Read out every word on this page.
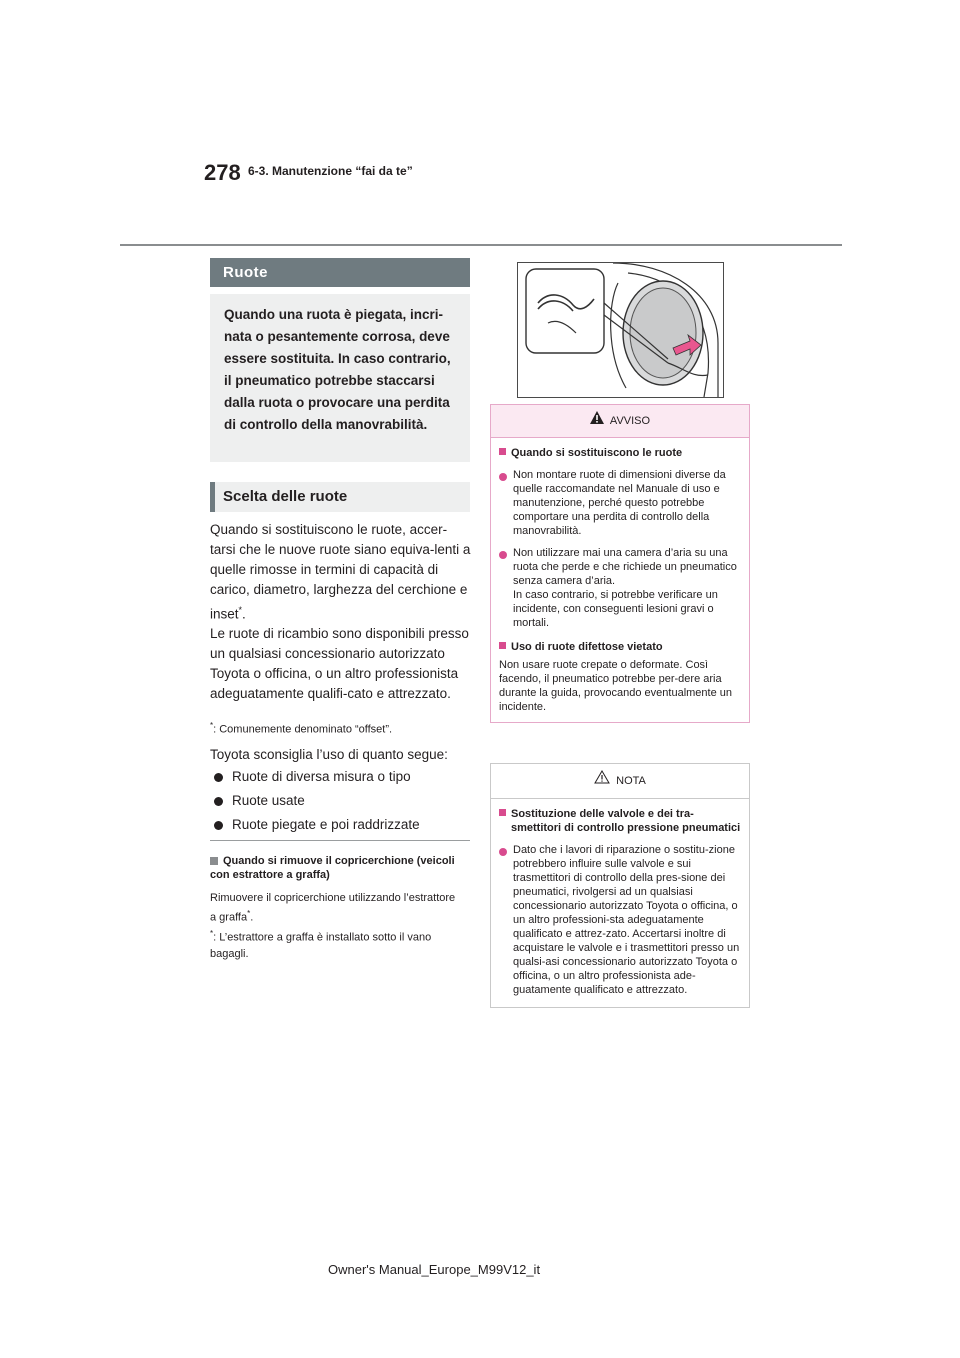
278 6-3. Manutenzione “fai da te”
Ruote
Quando una ruota è piegata, incri-nata o pesantemente corrosa, deve essere sostituita. In caso contrario, il pneumatico potrebbe staccarsi dalla ruota o provocare una perdita di controllo della manovrabilità.
Scelta delle ruote
Quando si sostituiscono le ruote, accer-tarsi che le nuove ruote siano equiva-lenti a quelle rimosse in termini di capacità di carico, diametro, larghezza del cerchione e inset*.
Le ruote di ricambio sono disponibili presso un qualsiasi concessionario autorizzato Toyota o officina, o un altro professionista adeguatamente qualifi-cato e attrezzato.
*: Comunemente denominato “offset”.
Toyota sconsiglia l’uso di quanto segue:
Ruote di diversa misura o tipo
Ruote usate
Ruote piegate e poi raddrizzate
Quando si rimuove il copricerchione (veicoli con estrattore a graffa)
Rimuovere il copricerchione utilizzando l’estrattore a graffa*.
*: L’estrattore a graffa è installato sotto il vano bagagli.
AVVISO
Quando si sostituiscono le ruote
Non montare ruote di dimensioni diverse da quelle raccomandate nel Manuale di uso e manutenzione, perché questo potrebbe comportare una perdita di controllo della manovrabilità.
Non utilizzare mai una camera d’aria su una ruota che perde e che richiede un pneumatico senza camera d’aria.
In caso contrario, si potrebbe verificare un incidente, con conseguenti lesioni gravi o mortali.
Uso di ruote difettose vietato
Non usare ruote crepate o deformate. Così facendo, il pneumatico potrebbe per-dere aria durante la guida, provocando eventualmente un incidente.
NOTA
Sostituzione delle valvole e dei tra-smettitori di controllo pressione pneumatici
Dato che i lavori di riparazione o sostitu-zione potrebbero influire sulle valvole e sui trasmettitori di controllo della pres-sione dei pneumatici, rivolgersi ad un qualsiasi concessionario autorizzato Toyota o officina, o un altro professioni-sta adeguatamente qualificato e attrez-zato. Accertarsi inoltre di acquistare le valvole e i trasmettitori presso un qualsi-asi concessionario autorizzato Toyota o officina, o un altro professionista ade-guatamente qualificato e attrezzato.
Owner's Manual_Europe_M99V12_it
